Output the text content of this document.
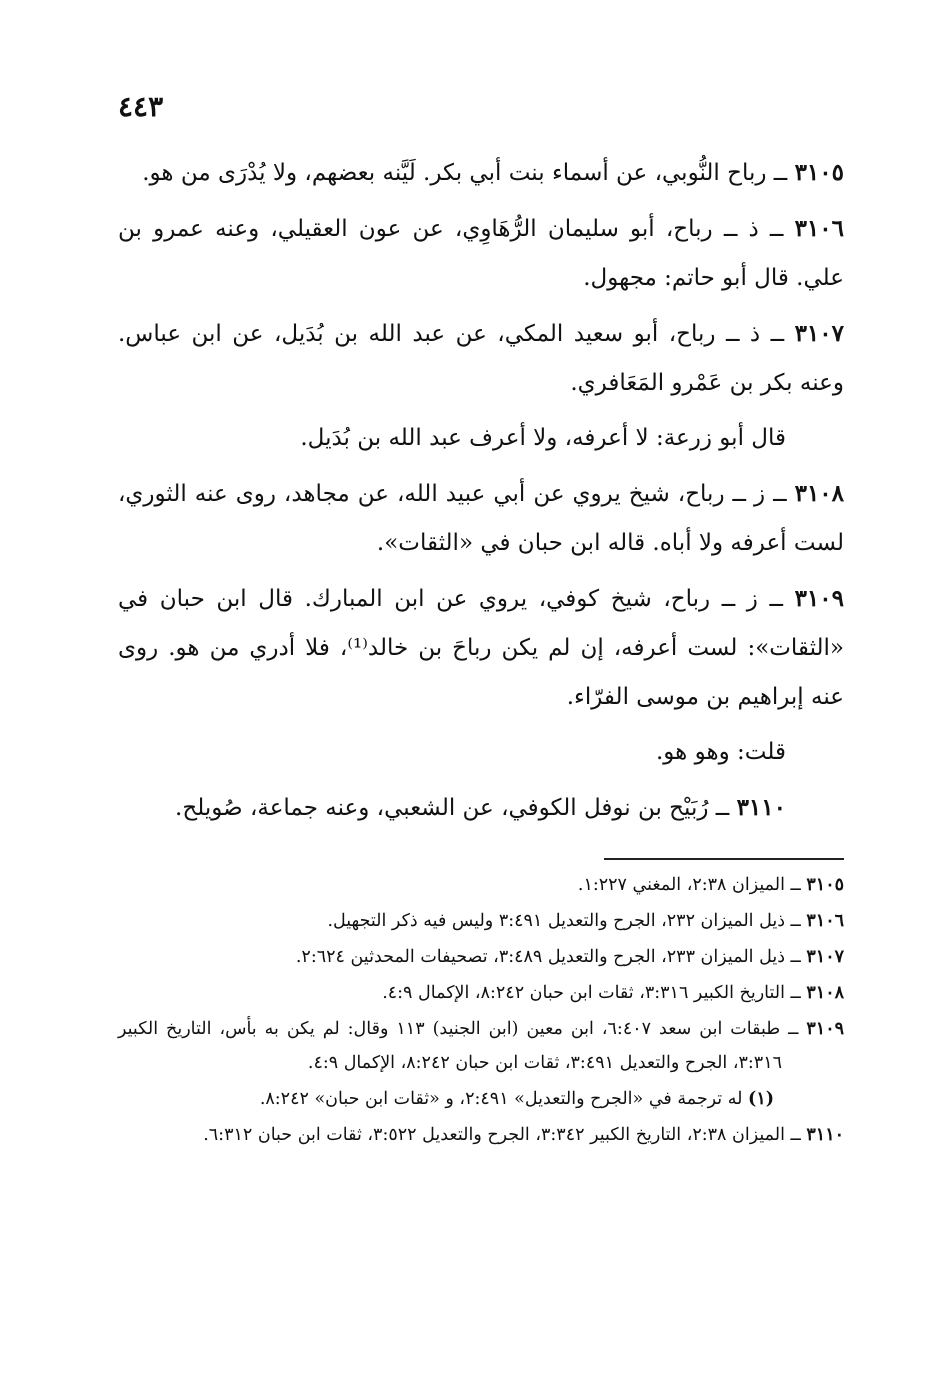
٤٤٣

٣١٠٥ ــ رباح النُّوبي، عن أسماء بنت أبي بكر. لَيَّنه بعضهم، ولا يُدْرَى من هو.

٣١٠٦ ــ ذ ــ رباح، أبو سليمان الرُّهَاوِي، عن عون العقيلي، وعنه عمرو بن علي. قال أبو حاتم: مجهول.

٣١٠٧ ــ ذ ــ رباح، أبو سعيد المكي، عن عبد الله بن بُدَيل، عن ابن عباس. وعنه بكر بن عَمْرو المَعَافري.

قال أبو زرعة: لا أعرفه، ولا أعرف عبد الله بن بُدَيل.

٣١٠٨ ــ ز ــ رباح، شيخ يروي عن أبي عبيد الله، عن مجاهد، روى عنه الثوري، لست أعرفه ولا أباه. قاله ابن حبان في «الثقات».

٣١٠٩ ــ ز ــ رباح، شيخ كوفي، يروي عن ابن المبارك. قال ابن حبان في «الثقات»: لست أعرفه، إن لم يكن رباحَ بن خالد⁽¹⁾، فلا أدري من هو. روى عنه إبراهيم بن موسى الفرّاء.

قلت: وهو هو.

٣١١٠ ــ رُبَيْح بن نوفل الكوفي، عن الشعبي، وعنه جماعة، صُويلح.

٣١٠٥ ــ الميزان ٢:٣٨، المغني ١:٢٢٧.

٣١٠٦ ــ ذيل الميزان ٢٣٢، الجرح والتعديل ٣:٤٩١ وليس فيه ذكر التجهيل.

٣١٠٧ ــ ذيل الميزان ٢٣٣، الجرح والتعديل ٣:٤٨٩، تصحيفات المحدثين ٢:٦٢٤.

٣١٠٨ ــ التاريخ الكبير ٣:٣١٦، ثقات ابن حبان ٨:٢٤٢، الإكمال ٤:٩.

٣١٠٩ ــ طبقات ابن سعد ٦:٤٠٧، ابن معين (ابن الجنيد) ١١٣ وقال: لم يكن به بأس، التاريخ الكبير ٣:٣١٦، الجرح والتعديل ٣:٤٩١، ثقات ابن حبان ٨:٢٤٢، الإكمال ٤:٩.

(١) له ترجمة في «الجرح والتعديل» ٢:٤٩١، و «ثقات ابن حبان» ٨:٢٤٢.

٣١١٠ ــ الميزان ٢:٣٨، التاريخ الكبير ٣:٣٤٢، الجرح والتعديل ٣:٥٢٢، ثقات ابن حبان ٦:٣١٢.
